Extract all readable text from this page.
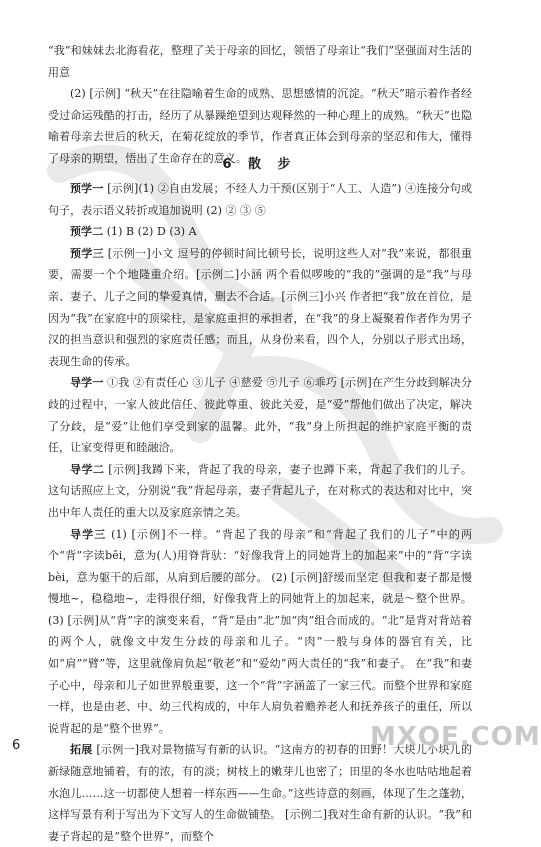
“我”和妹妹去北海看花，整理了关于母亲的回忆，领悟了母亲让“我们”坚强面对生活的用意

(2) [示例] “秋天”在往隐喻着生命的成熟、思想感情的沉淀。“秋天”暗示着作者经受过命运残酷的打击，经历了从暴躁绝望到达观释然的一种心理上的成熟。“秋天”也隐喻着母亲去世后的秋天，在菊花绽放的季节，作者真正体会到母亲的坚忍和伟大，懂得了母亲的期望，悟出了生命存在的意义。

6 散 步

预学一 [示例](1) ②自由发展；不经人力干预(区别于“人工、人造”) ④连接分句或句子，表示语义转折或追加说明 (2) ② ③ ⑤

预学二 (1) B (2) D (3) A

预学三 [示例一]小文 逗号的停顿时间比顿号长，说明这些人对“我”来说，都很重要，需要一个个地隆重介绍。[示例二]小涵 两个看似啰唆的“我的”强调的是“我”与母亲、妻子、儿子之间的挚爱真情，删去不合适。[示例三]小兴 作者把“我”放在首位，是因为“我”在家庭中的顶梁柱，是家庭重担的承担者，在“我”的身上凝聚着作者作为男子汉的担当意识和强烈的家庭责任感；而且，从身份来看，四个人，分别以子形式出场，表现生命的传承。

导学一 ①我 ②有责任心 ③儿子 ④慈爱 ⑤儿子 ⑥乖巧 [示例]在产生分歧到解决分歧的过程中，一家人彼此信任、彼此尊重、彼此关爱，是“爱”帮他们做出了决定，解决了分歧，是“爱”让他们享受到家的温馨。此外，“我”身上所担起的维护家庭平衡的责任，让家变得更和睦融洽。

导学二 [示例]我蹲下来，背起了我的母亲，妻子也蹲下来，背起了我们的儿子。 这句话照应上文，分别说“我”背起母亲，妻子背起儿子，在对称式的表达和对比中，突出中年人责任的重大以及家庭亲情之美。

导学三 (1) [示例]不一样。“背起了我的母亲”和“背起了我们的儿子”中的两个“背”字读bēi，意为(人)用脊背驮：“好像我背上的同她背上的加起来”中的“背”字读bèi，意为躯干的后部，从肩到后腰的部分。 (2) [示例]舒缓而坚定 但我和妻子都是慢慢地~，稳稳地~，走得很仔细，好像我背上的同她背上的加起来，就是～整个世界。 (3) [示例]从“背”字的演变来看，“背”是由“北”加“肉”组合而成的。“北”是背对背站着的两个人，就像文中发生分歧的母亲和儿子。“肉”一般与身体的器官有关，比如“肩”“臂”等，这里就像肩负起“敬老”和“爱幼”两大责任的“我”和妻子。 在“我”和妻子心中，母亲和儿子如世界般重要，这一个“背”字涵盖了一家三代。而整个世界和家庭一样，也是由老、中、幼三代构成的，中年人肩负着赡养老人和抚养孩子的重任，所以说背起的是“整个世界”。

拓展 [示例一]我对景物描写有新的认识。“这南方的初春的田野！大块儿小块儿的新绿随意地铺着，有的浓，有的淡；树枝上的嫩芽儿也密了；田里的冬水也咕咕地起着水泡儿……这一切都使人想着一样东西——生命。”这些诗意的刻画，体现了生之蓬勃，这样写景有利于写出为下文写人的生命做铺垫。 [示例二]我对生命有新的认识。“我”和妻子背起的是“整个世界”，而整个

6	MXQE.COM
